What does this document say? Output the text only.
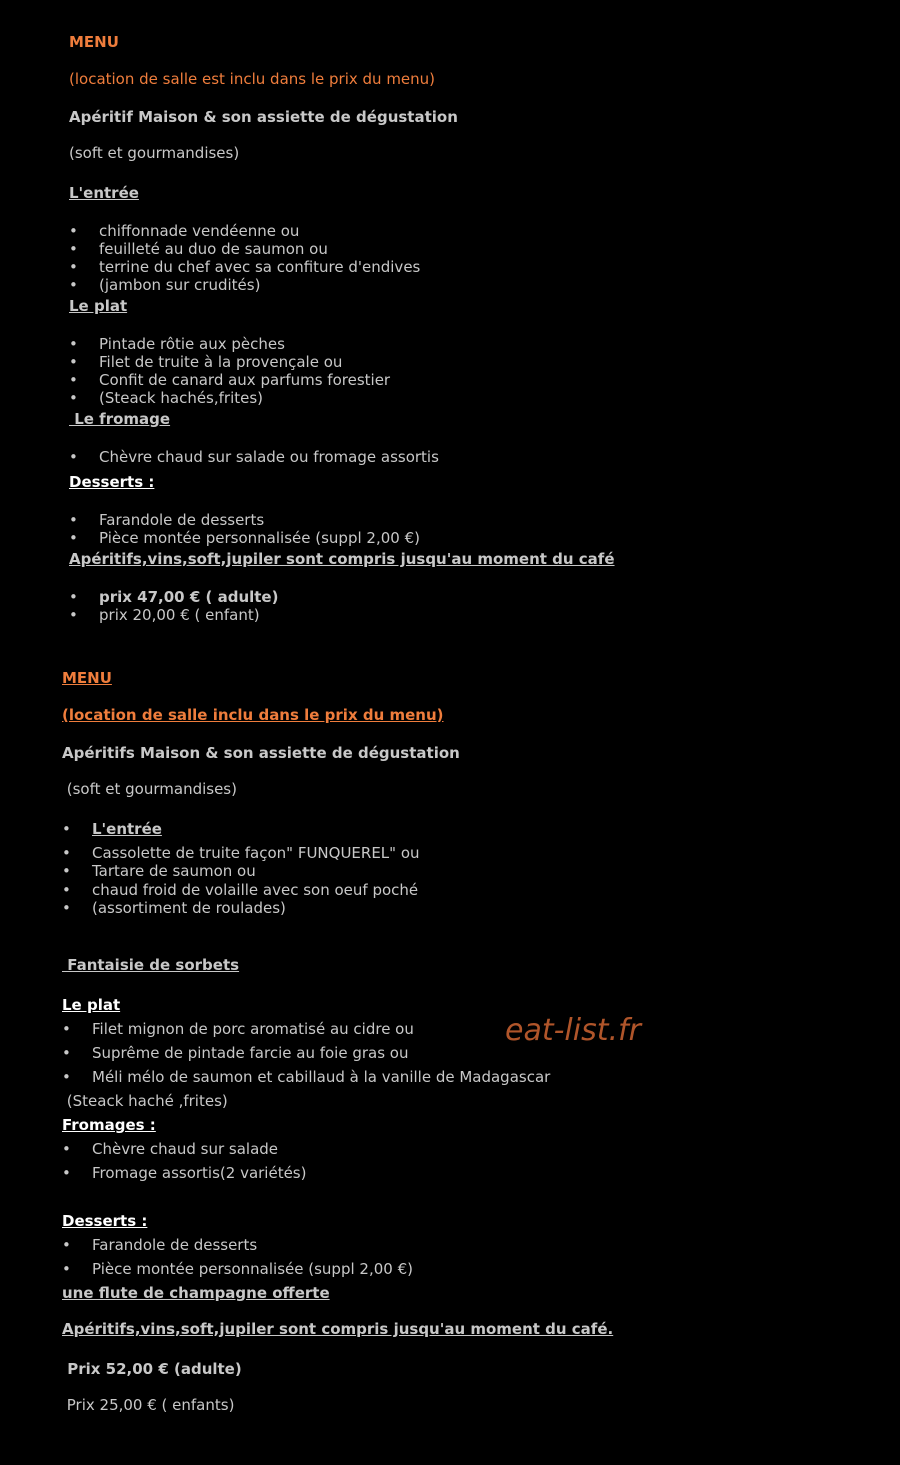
MENU
(location de salle est inclu dans le prix du menu)
Apéritif Maison & son assiette de dégustation
(soft et gourmandises)
L'entrée
• chiffonnade vendéenne ou
• feuilleté au duo de saumon ou
• terrine du chef avec sa confiture d'endives
• (jambon sur crudités)
Le plat
• Pintade rôtie aux pèches
• Filet de truite à la provençale ou
• Confit de canard aux parfums forestier
• (Steack hachés,frites)
Le fromage
• Chèvre chaud sur salade ou fromage assortis
Desserts :
• Farandole de desserts
• Pièce montée personnalisée (suppl 2,00 €)
Apéritifs,vins,soft,jupiler sont compris jusqu'au moment du café
• prix 47,00 € ( adulte)
• prix 20,00 € ( enfant)
MENU
(location de salle inclu dans le prix du menu)
Apéritifs Maison & son assiette de dégustation
(soft et gourmandises)
• L'entrée
• Cassolette de truite façon" FUNQUEREL" ou
• Tartare de saumon ou
• chaud froid de volaille avec son oeuf poché
• (assortiment de roulades)
Fantaisie de sorbets
Le plat
• Filet mignon de porc aromatisé au cidre ou
• Suprême de pintade farcie au foie gras ou
• Méli mélo de saumon et cabillaud à la vanille de Madagascar
(Steack haché ,frites)
Fromages :
• Chèvre chaud sur salade
• Fromage assortis(2 variétés)
Desserts :
• Farandole de desserts
• Pièce montée personnalisée (suppl 2,00 €)
une flute de champagne offerte
Apéritifs,vins,soft,jupiler sont compris jusqu'au moment du café.
Prix 52,00 € (adulte)
Prix 25,00 € ( enfants)
eat-list.fr
